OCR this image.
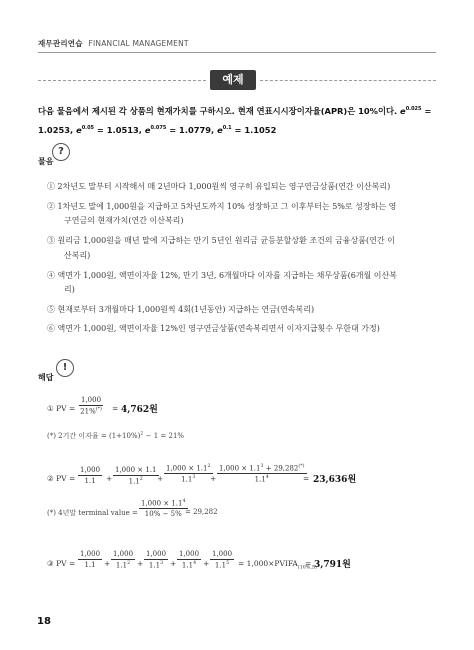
재무관리연습 FINANCIAL MANAGEMENT
예제
다음 물음에서 제시된 각 상품의 현재가치를 구하시오. 현재 연표시시장이자율(APR)은 10%이다. $e^{0.025}$ =
1.0253, $e^{0.05} = 1.0513$, $e^{0.075} = 1.0779$, $e^{0.1} = 1.1052$
?
물음
① 2차년도 말부터 시작해서 매 2년마다 1,000원씩 영구히 유입되는 영구연금상품(연간 이산복리)
② 1차년도 말에 1,000원을 지급하고 5차년도까지 10% 성장하고 그 이후부터는 5%로 성장하는 영
구연금의 현재가치(연간 이산복리)
③ 원리금 1,000원을 매년 말에 지급하는 만기 5년인 원리금 균등분할상환 조건의 금융상품(연간 이
산복리)
④ 액면가 1,000원, 액면이자율 12%, 만기 3년, 6개월마다 이자를 지급하는 채무상품(6개월 이산복
리)
⑤ 현재로부터 3개월마다 1,000원씩 4회(1년동안) 지급하는 연금(연속복리)
⑥ 액면가 1,000원, 액면이자율 12%인 영구연금상품(연속복리면서 이자지급횟수 무한대 가정)
!
해답
① PV = $\frac{1,000}{21\%^{(*)}} = 4,762$원
(*) 2기간 이자율 = $(1+10\%)^2 - 1 = 21\%$
② PV = $\frac{1,000}{1.1} + \frac{1,000 \times 1.1}{1.1^2}$
+ $\frac{1,000 \times 1.1^2}{1.1^3}$
+ $\frac{1,000 \times 1.1^3 + 29,282^{(*)}}{1.1^4}$
= 23,636원
(*) 4년말 terminal value = $\frac{1,000 \times 1.1^4}{10\% - 5\%}$
= 29,282
③ PV = $\frac{1,000}{1.1} + \frac{1,000}{1.1^2} + \frac{1,000}{1.1^3} + \frac{1,000}{1.1^4} + \frac{1,000}{1.1^5}$ = $1,000\times PVIFA_{(10\%,5)}$
= 3,791원
18
